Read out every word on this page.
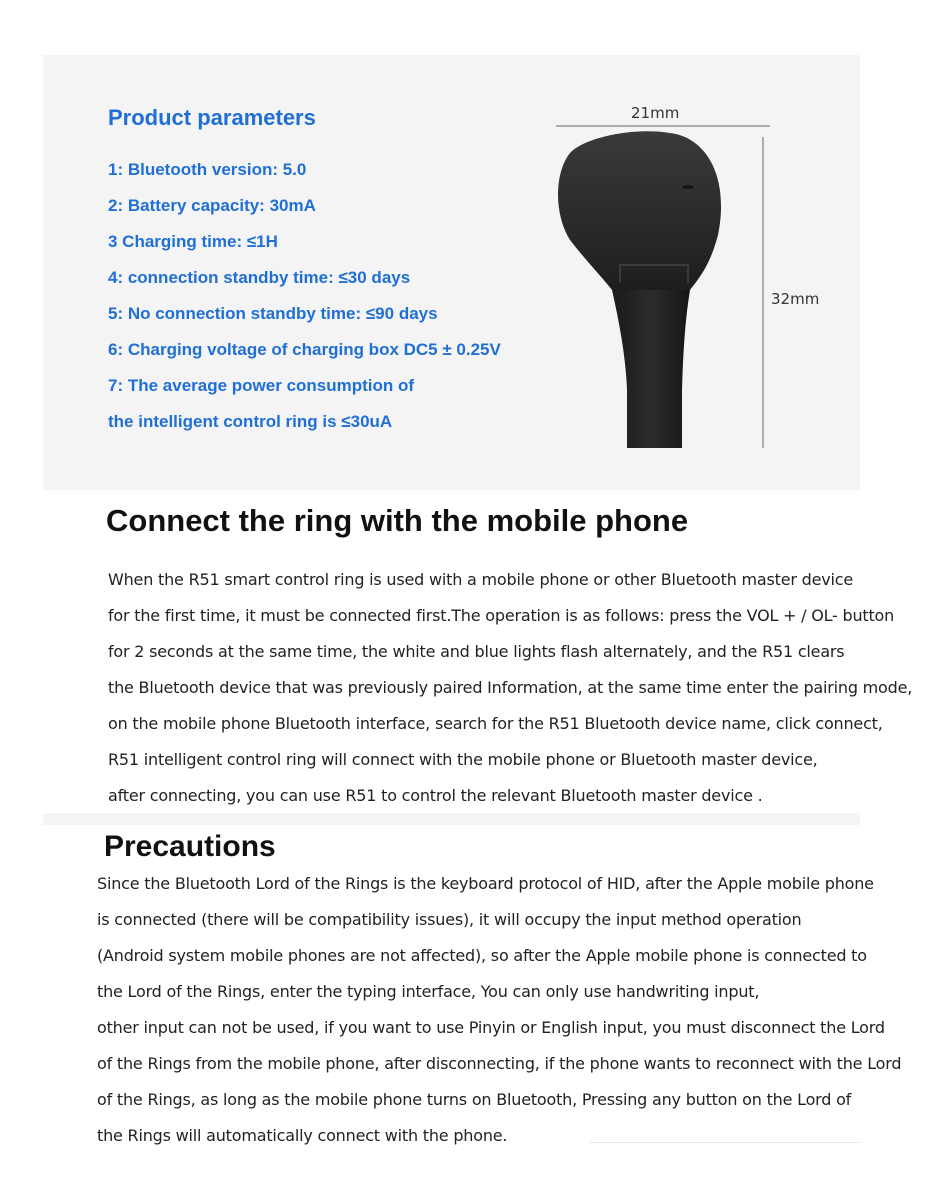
Product parameters
1: Bluetooth version: 5.0
2: Battery capacity: 30mA
3 Charging time: ≤1H
4: connection standby time: ≤30 days
5: No connection standby time: ≤90 days
6: Charging voltage of charging box DC5 ± 0.25V
7: The average power consumption of
the intelligent control ring is ≤30uA
21mm
32mm
Connect the ring with the mobile phone
When the R51 smart control ring is used with a mobile phone or other Bluetooth master device
for the first time, it must be connected first.The operation is as follows: press the VOL + / OL- button
for 2 seconds at the same time, the white and blue lights flash alternately, and the R51 clears
the Bluetooth device that was previously paired Information, at the same time enter the pairing mode,
on the mobile phone Bluetooth interface, search for the R51 Bluetooth device name, click connect,
R51 intelligent control ring will connect with the mobile phone or Bluetooth master device,
after connecting, you can use R51 to control the relevant Bluetooth master device .
Precautions
Since the Bluetooth Lord of the Rings is the keyboard protocol of HID, after the Apple mobile phone
is connected (there will be compatibility issues), it will occupy the input method operation
(Android system mobile phones are not affected), so after the Apple mobile phone is connected to
the Lord of the Rings, enter the typing interface, You can only use handwriting input,
other input can not be used, if you want to use Pinyin or English input, you must disconnect the Lord
of the Rings from the mobile phone, after disconnecting, if the phone wants to reconnect with the Lord
of the Rings, as long as the mobile phone turns on Bluetooth, Pressing any button on the Lord of
the Rings will automatically connect with the phone.
